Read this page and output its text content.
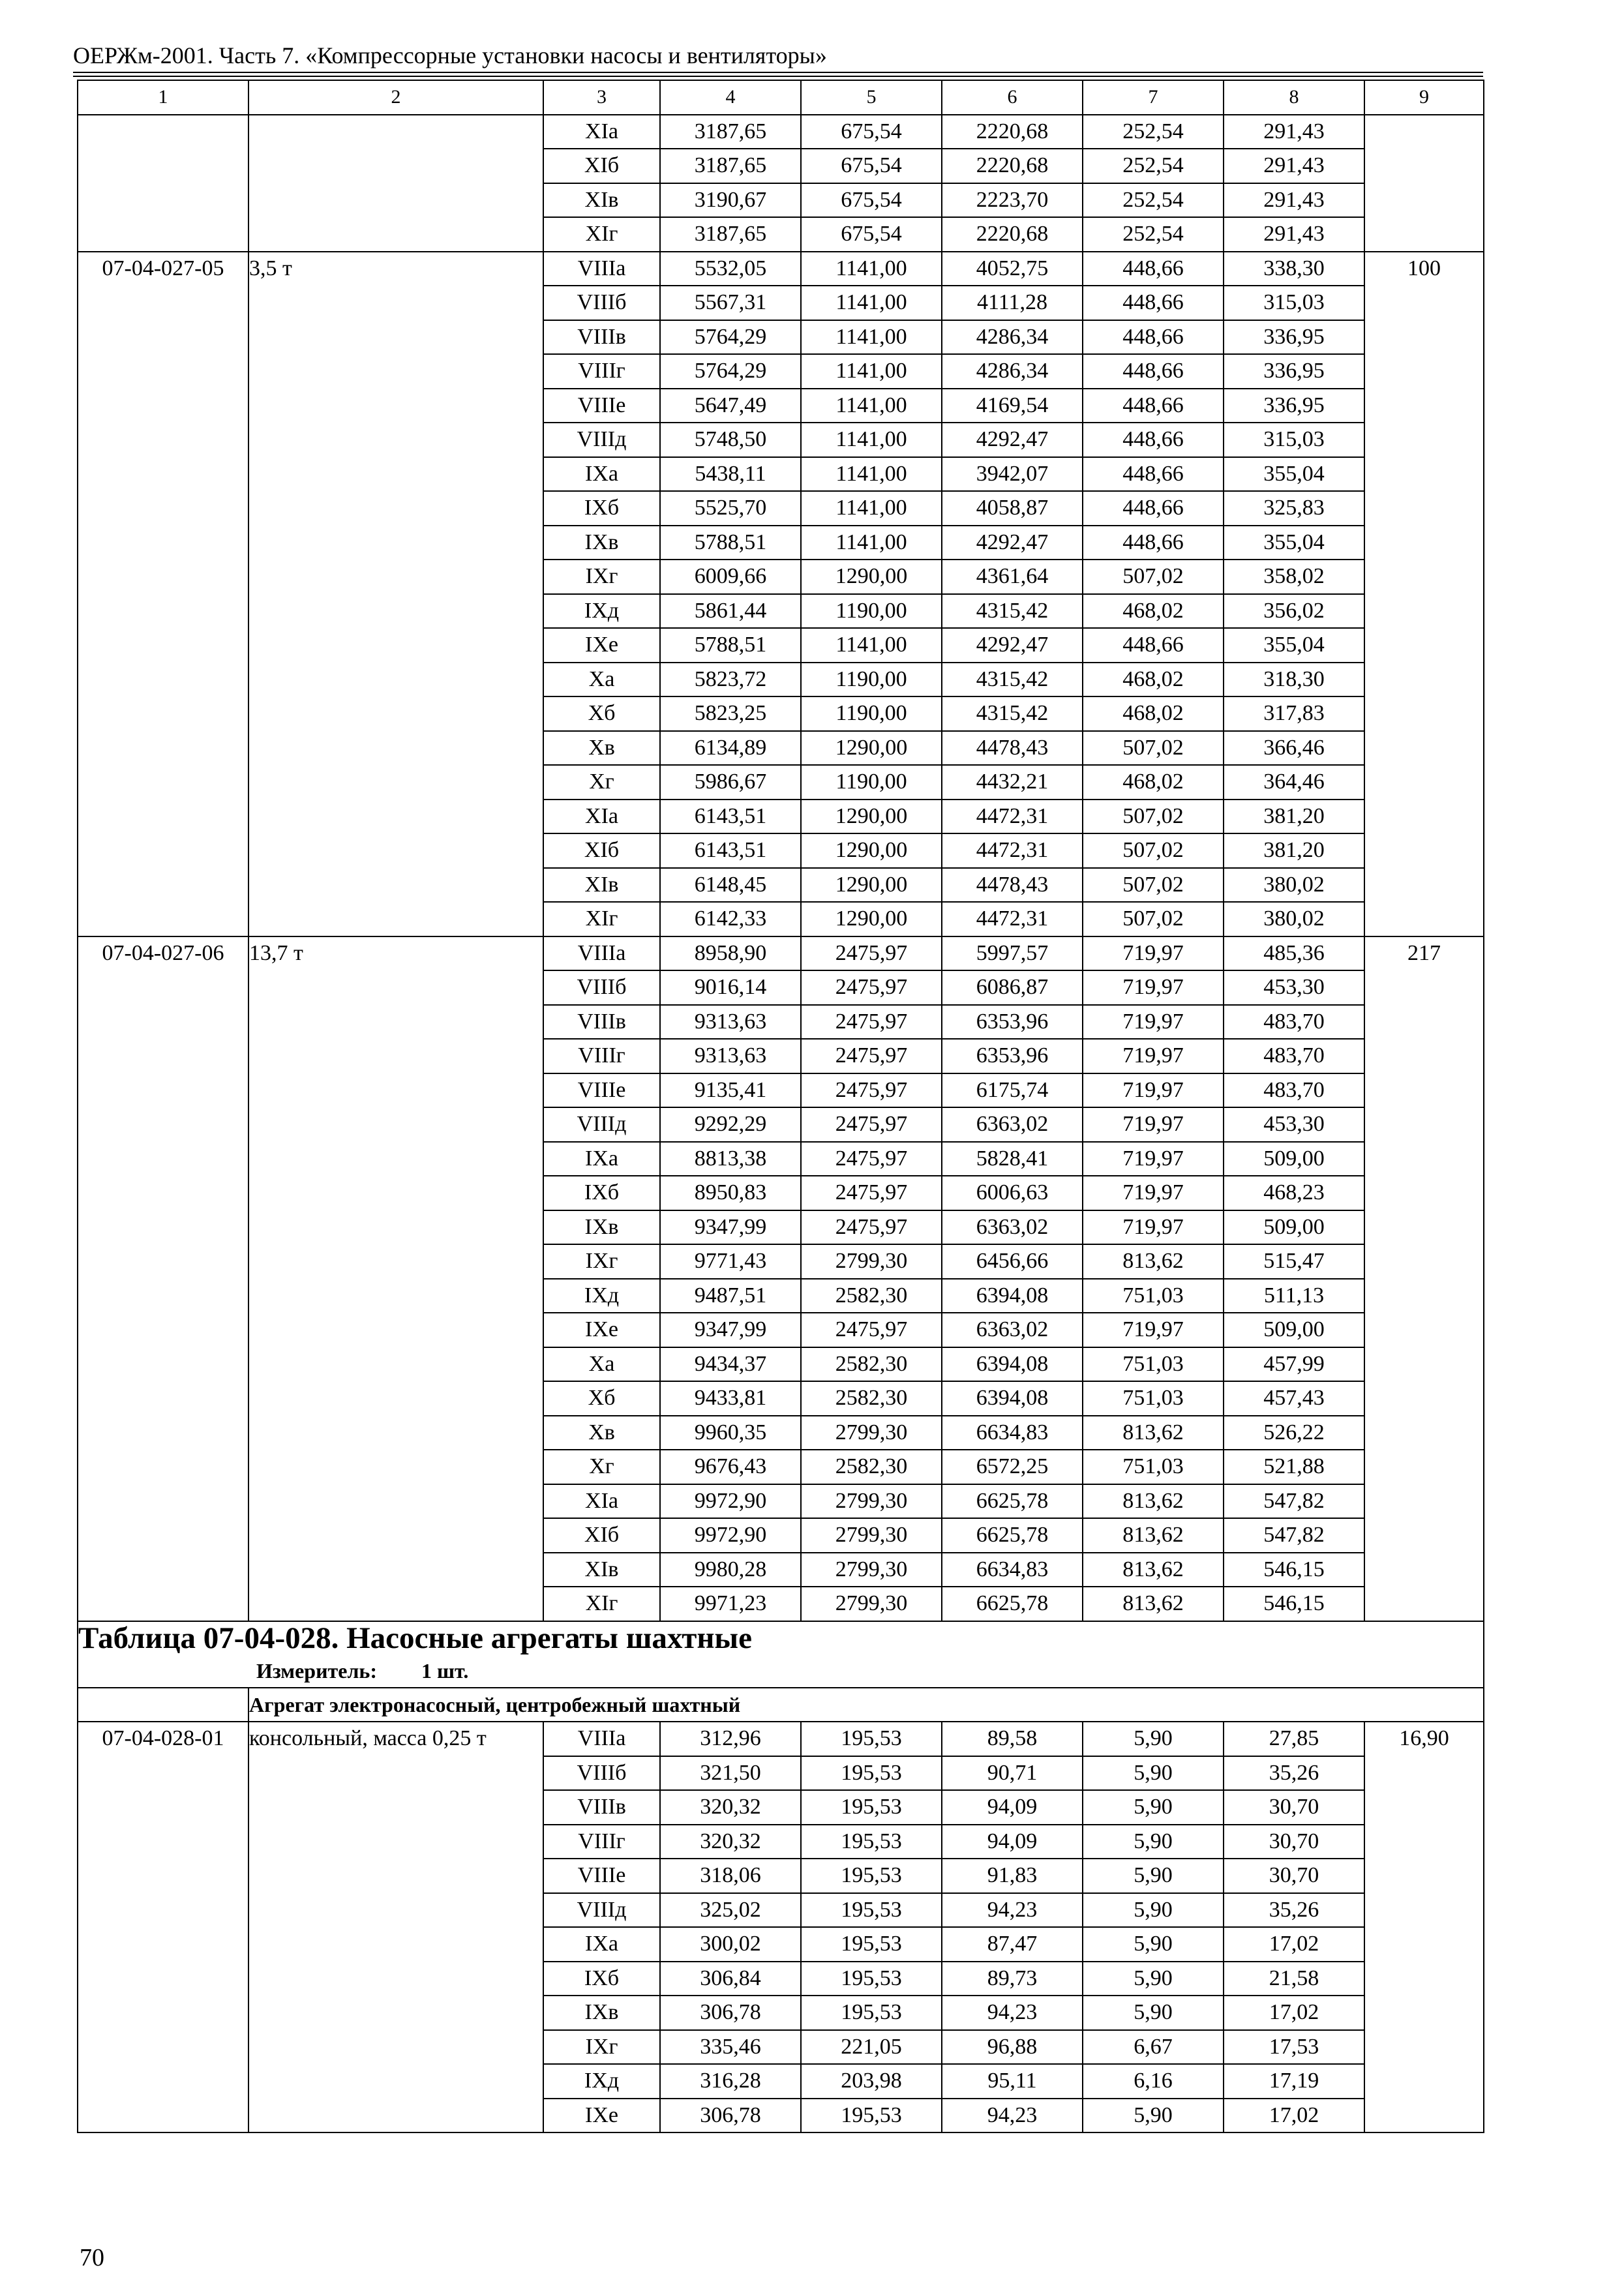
ОЕРЖм-2001. Часть 7. «Компрессорные установки насосы и вентиляторы»
1	2	3	4	5	6	7	8	9
		XIа	3187,65	675,54	2220,68	252,54	291,43	
		XIб	3187,65	675,54	2220,68	252,54	291,43	
		XIв	3190,67	675,54	2223,70	252,54	291,43	
		XIг	3187,65	675,54	2220,68	252,54	291,43	
07-04-027-05	3,5 т	VIIIа	5532,05	1141,00	4052,75	448,66	338,30	100
		VIIIб	5567,31	1141,00	4111,28	448,66	315,03	
		VIIIв	5764,29	1141,00	4286,34	448,66	336,95	
		VIIIг	5764,29	1141,00	4286,34	448,66	336,95	
		VIIIе	5647,49	1141,00	4169,54	448,66	336,95	
		VIIIд	5748,50	1141,00	4292,47	448,66	315,03	
		IXа	5438,11	1141,00	3942,07	448,66	355,04	
		IXб	5525,70	1141,00	4058,87	448,66	325,83	
		IXв	5788,51	1141,00	4292,47	448,66	355,04	
		IXг	6009,66	1290,00	4361,64	507,02	358,02	
		IXд	5861,44	1190,00	4315,42	468,02	356,02	
		IXе	5788,51	1141,00	4292,47	448,66	355,04	
		Xа	5823,72	1190,00	4315,42	468,02	318,30	
		Xб	5823,25	1190,00	4315,42	468,02	317,83	
		Xв	6134,89	1290,00	4478,43	507,02	366,46	
		Xг	5986,67	1190,00	4432,21	468,02	364,46	
		XIа	6143,51	1290,00	4472,31	507,02	381,20	
		XIб	6143,51	1290,00	4472,31	507,02	381,20	
		XIв	6148,45	1290,00	4478,43	507,02	380,02	
		XIг	6142,33	1290,00	4472,31	507,02	380,02	
07-04-027-06	13,7 т	VIIIа	8958,90	2475,97	5997,57	719,97	485,36	217
		VIIIб	9016,14	2475,97	6086,87	719,97	453,30	
		VIIIв	9313,63	2475,97	6353,96	719,97	483,70	
		VIIIг	9313,63	2475,97	6353,96	719,97	483,70	
		VIIIе	9135,41	2475,97	6175,74	719,97	483,70	
		VIIIд	9292,29	2475,97	6363,02	719,97	453,30	
		IXа	8813,38	2475,97	5828,41	719,97	509,00	
		IXб	8950,83	2475,97	6006,63	719,97	468,23	
		IXв	9347,99	2475,97	6363,02	719,97	509,00	
		IXг	9771,43	2799,30	6456,66	813,62	515,47	
		IXд	9487,51	2582,30	6394,08	751,03	511,13	
		IXе	9347,99	2475,97	6363,02	719,97	509,00	
		Xа	9434,37	2582,30	6394,08	751,03	457,99	
		Xб	9433,81	2582,30	6394,08	751,03	457,43	
		Xв	9960,35	2799,30	6634,83	813,62	526,22	
		Xг	9676,43	2582,30	6572,25	751,03	521,88	
		XIа	9972,90	2799,30	6625,78	813,62	547,82	
		XIб	9972,90	2799,30	6625,78	813,62	547,82	
		XIв	9980,28	2799,30	6634,83	813,62	546,15	
		XIг	9971,23	2799,30	6625,78	813,62	546,15	

Таблица 07-04-028. Насосные агрегаты шахтные
Измеритель: 1 шт.								

	Агрегат электронасосный, центробежный шахтный							
07-04-028-01	консольный, масса 0,25 т	VIIIа	312,96	195,53	89,58	5,90	27,85	16,90
		VIIIб	321,50	195,53	90,71	5,90	35,26	
		VIIIв	320,32	195,53	94,09	5,90	30,70	
		VIIIг	320,32	195,53	94,09	5,90	30,70	
		VIIIе	318,06	195,53	91,83	5,90	30,70	
		VIIIд	325,02	195,53	94,23	5,90	35,26	
		IXа	300,02	195,53	87,47	5,90	17,02	
		IXб	306,84	195,53	89,73	5,90	21,58	
		IXв	306,78	195,53	94,23	5,90	17,02	
		IXг	335,46	221,05	96,88	6,67	17,53	
		IXд	316,28	203,98	95,11	6,16	17,19	
		IXе	306,78	195,53	94,23	5,90	17,02	
70
